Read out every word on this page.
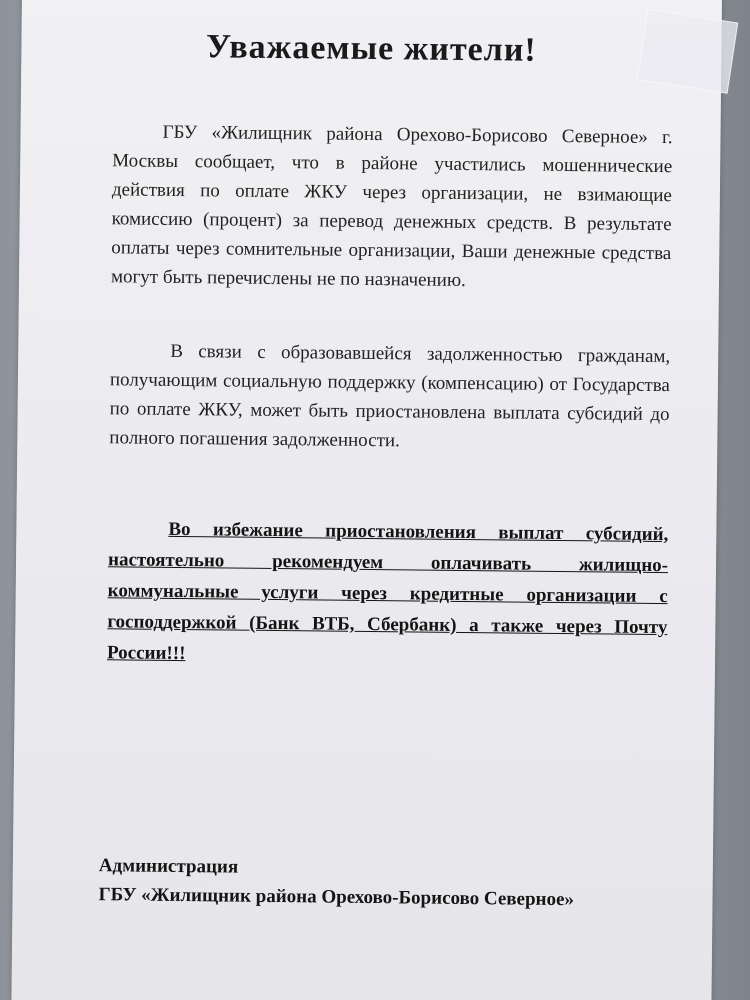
Уважаемые жители!
ГБУ «Жилищник района Орехово-Борисово Северное» г. Москвы сообщает, что в районе участились мошеннические действия по оплате ЖКУ через организации, не взимающие комиссию (процент) за перевод денежных средств. В результате оплаты через сомнительные организации, Ваши денежные средства могут быть перечислены не по назначению.
В связи с образовавшейся задолженностью гражданам, получающим социальную поддержку (компенсацию) от Государства по оплате ЖКУ, может быть приостановлена выплата субсидий до полного погашения задолженности.
Во избежание приостановления выплат субсидий, настоятельно рекомендуем оплачивать жилищно-коммунальные услуги через кредитные организации с господдержкой (Банк ВТБ, Сбербанк) а также через Почту России!!!
Администрация
ГБУ «Жилищник района Орехово-Борисово Северное»
